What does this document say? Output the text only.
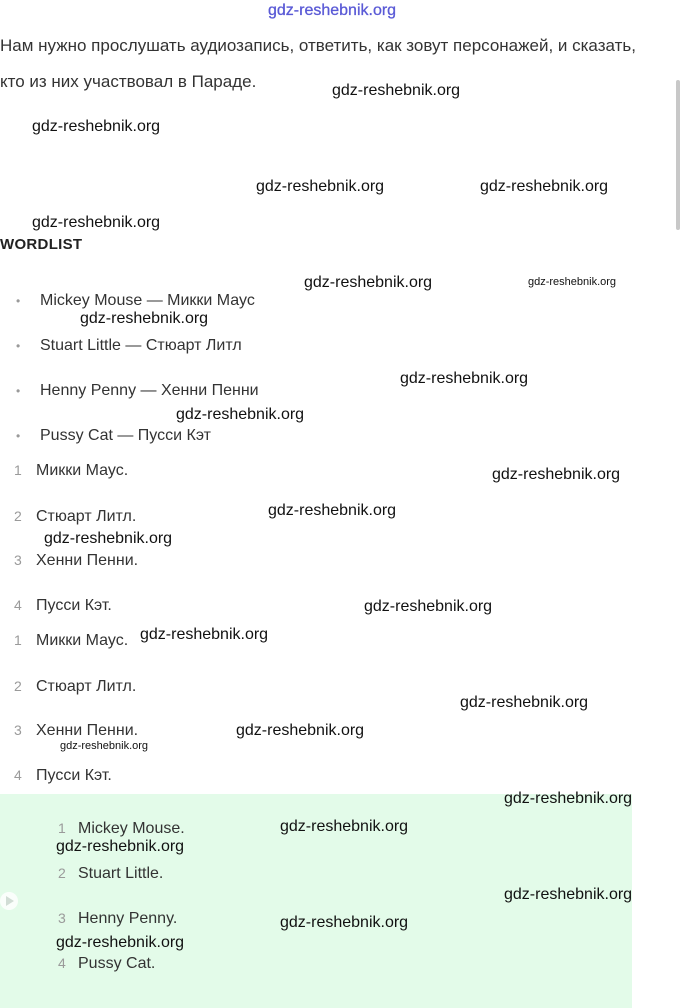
gdz-reshebnik.org
Нам нужно прослушать аудиозапись, ответить, как зовут персонажей, и сказать, кто из них участвовал в Параде.
WORDLIST
• Mickey Mouse — Микки Маус
• Stuart Little — Стюарт Литл
• Henny Penny — Хенни Пенни
• Pussy Cat — Пусси Кэт
1 Микки Маус.
2 Стюарт Литл.
3 Хенни Пенни.
4 Пусси Кэт.
1 Микки Маус.
2 Стюарт Литл.
3 Хенни Пенни.
4 Пусси Кэт.
1 Mickey Mouse.
2 Stuart Little.
3 Henny Penny.
4 Pussy Cat.
gdz-reshebnik.org
gdz-reshebnik.org
gdz-reshebnik.org	gdz-reshebnik.org
gdz-reshebnik.org
gdz-reshebnik.org	gdz-reshebnik.org
gdz-reshebnik.org
gdz-reshebnik.org
gdz-reshebnik.org
gdz-reshebnik.org
gdz-reshebnik.org
gdz-reshebnik.org
gdz-reshebnik.org
gdz-reshebnik.org
gdz-reshebnik.org
gdz-reshebnik.org
gdz-reshebnik.org
gdz-reshebnik.org
gdz-reshebnik.org
gdz-reshebnik.org
gdz-reshebnik.org
gdz-reshebnik.org
gdz-reshebnik.org
